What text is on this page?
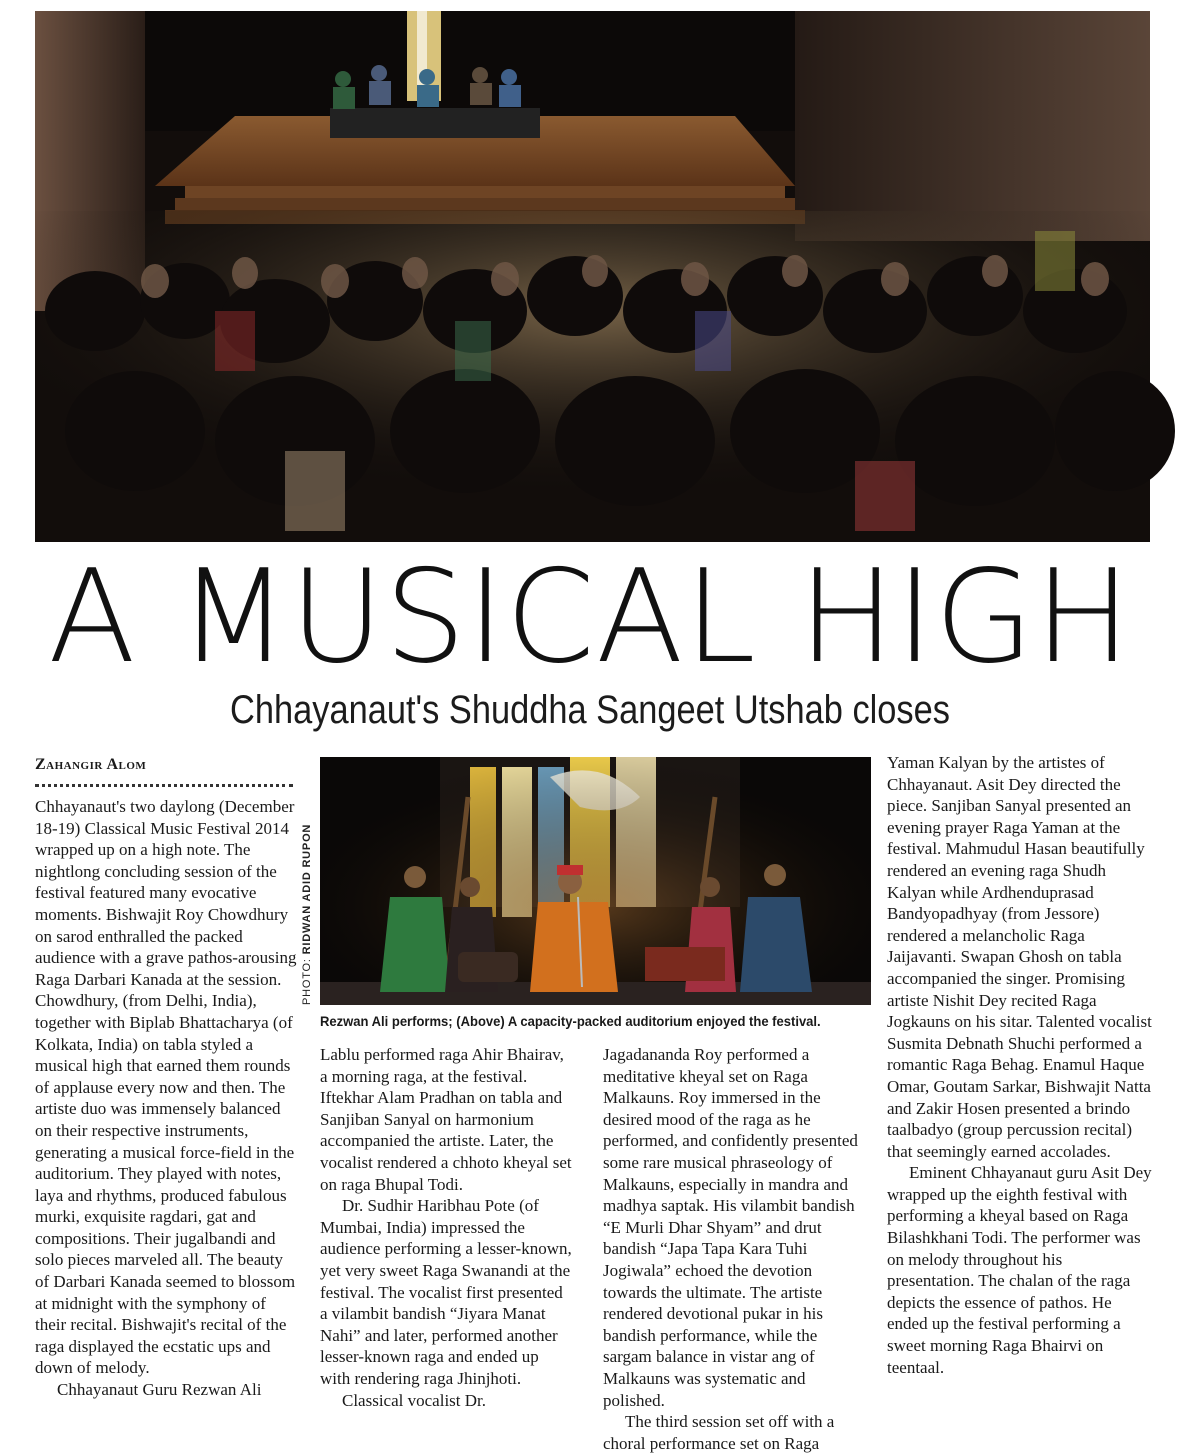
A MUSICAL HIGH
Chhayanaut's Shuddha Sangeet Utshab closes
Zahangir Alom
PHOTO: RIDWAN ADID RUPON
Rezwan Ali performs; (Above) A capacity-packed auditorium enjoyed the festival.

Chhayanaut's two daylong (December 18-19) Classical Music Festival 2014 wrapped up on a high note. The nightlong concluding session of the festival featured many evocative moments. Bishwajit Roy Chowdhury on sarod enthralled the packed audience with a grave pathos-arousing Raga Darbari Kanada at the session. Chowdhury, (from Delhi, India), together with Biplab Bhattacharya (of Kolkata, India) on tabla styled a musical high that earned them rounds of applause every now and then. The artiste duo was immensely balanced on their respective instruments, generating a musical force-field in the auditorium. They played with notes, laya and rhythms, produced fabulous murki, exquisite ragdari, gat and compositions. Their jugalbandi and solo pieces marveled all. The beauty of Darbari Kanada seemed to blossom at midnight with the symphony of their recital. Bishwajit's recital of the raga displayed the ecstatic ups and down of melody.

Chhayanaut Guru Rezwan Ali

Lablu performed raga Ahir Bhairav, a morning raga, at the festival. Iftekhar Alam Pradhan on tabla and Sanjiban Sanyal on harmonium accompanied the artiste. Later, the vocalist rendered a chhoto kheyal set on raga Bhupal Todi.

Dr. Sudhir Haribhau Pote (of Mumbai, India) impressed the audience performing a lesser-known, yet very sweet Raga Swanandi at the festival. The vocalist first presented a vilambit bandish “Jiyara Manat Nahi” and later, performed another lesser-known raga and ended up with rendering raga Jhinjhoti.

Classical vocalist Dr.

Jagadananda Roy performed a meditative kheyal set on Raga Malkauns. Roy immersed in the desired mood of the raga as he performed, and confidently presented some rare musical phraseology of Malkauns, especially in mandra and madhya saptak. His vilambit bandish “E Murli Dhar Shyam” and drut bandish “Japa Tapa Kara Tuhi Jogiwala” echoed the devotion towards the ultimate. The artiste rendered devotional pukar in his bandish performance, while the sargam balance in vistar ang of Malkauns was systematic and polished.

The third session set off with a choral performance set on Raga

Yaman Kalyan by the artistes of Chhayanaut. Asit Dey directed the piece. Sanjiban Sanyal presented an evening prayer Raga Yaman at the festival. Mahmudul Hasan beautifully rendered an evening raga Shudh Kalyan while Ardhenduprasad Bandyopadhyay (from Jessore) rendered a melancholic Raga Jaijavanti. Swapan Ghosh on tabla accompanied the singer. Promising artiste Nishit Dey recited Raga Jogkauns on his sitar. Talented vocalist Susmita Debnath Shuchi performed a romantic Raga Behag. Enamul Haque Omar, Goutam Sarkar, Bishwajit Natta and Zakir Hosen presented a brindo taalbadyo (group percussion recital) that seemingly earned accolades.

Eminent Chhayanaut guru Asit Dey wrapped up the eighth festival with performing a kheyal based on Raga Bilashkhani Todi. The performer was on melody throughout his presentation. The chalan of the raga depicts the essence of pathos. He ended up the festival performing a sweet morning Raga Bhairvi on teentaal.
